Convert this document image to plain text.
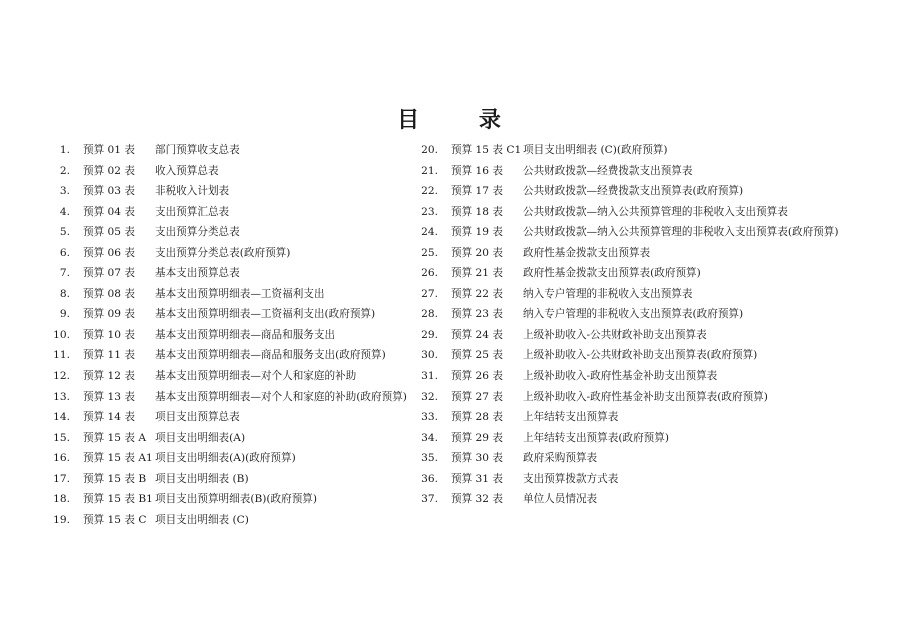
目 录
1. 预算 01 表 部门预算收支总表
2. 预算 02 表 收入预算总表
3. 预算 03 表 非税收入计划表
4. 预算 04 表 支出预算汇总表
5. 预算 05 表 支出预算分类总表
6. 预算 06 表 支出预算分类总表(政府预算)
7. 预算 07 表 基本支出预算总表
8. 预算 08 表 基本支出预算明细表—工资福利支出
9. 预算 09 表 基本支出预算明细表—工资福利支出(政府预算)
10. 预算 10 表 基本支出预算明细表—商品和服务支出
11. 预算 11 表 基本支出预算明细表—商品和服务支出(政府预算)
12. 预算 12 表 基本支出预算明细表—对个人和家庭的补助
13. 预算 13 表 基本支出预算明细表—对个人和家庭的补助(政府预算)
14. 预算 14 表 项目支出预算总表
15. 预算 15 表 A 项目支出明细表(A)
16. 预算 15 表 A1 项目支出明细表(A)(政府预算)
17. 预算 15 表 B 项目支出明细表 (B)
18. 预算 15 表 B1 项目支出预算明细表(B)(政府预算)
19. 预算 15 表 C 项目支出明细表 (C)
20. 预算 15 表 C1 项目支出明细表 (C)(政府预算)
21. 预算 16 表 公共财政拨款—经费拨款支出预算表
22. 预算 17 表 公共财政拨款—经费拨款支出预算表(政府预算)
23. 预算 18 表 公共财政拨款—纳入公共预算管理的非税收入支出预算表
24. 预算 19 表 公共财政拨款—纳入公共预算管理的非税收入支出预算表(政府预算)
25. 预算 20 表 政府性基金拨款支出预算表
26. 预算 21 表 政府性基金拨款支出预算表(政府预算)
27. 预算 22 表 纳入专户管理的非税收入支出预算表
28. 预算 23 表 纳入专户管理的非税收入支出预算表(政府预算)
29. 预算 24 表 上级补助收入-公共财政补助支出预算表
30. 预算 25 表 上级补助收入-公共财政补助支出预算表(政府预算)
31. 预算 26 表 上级补助收入-政府性基金补助支出预算表
32. 预算 27 表 上级补助收入-政府性基金补助支出预算表(政府预算)
33. 预算 28 表 上年结转支出预算表
34. 预算 29 表 上年结转支出预算表(政府预算)
35. 预算 30 表 政府采购预算表
36. 预算 31 表 支出预算拨款方式表
37. 预算 32 表 单位人员情况表
